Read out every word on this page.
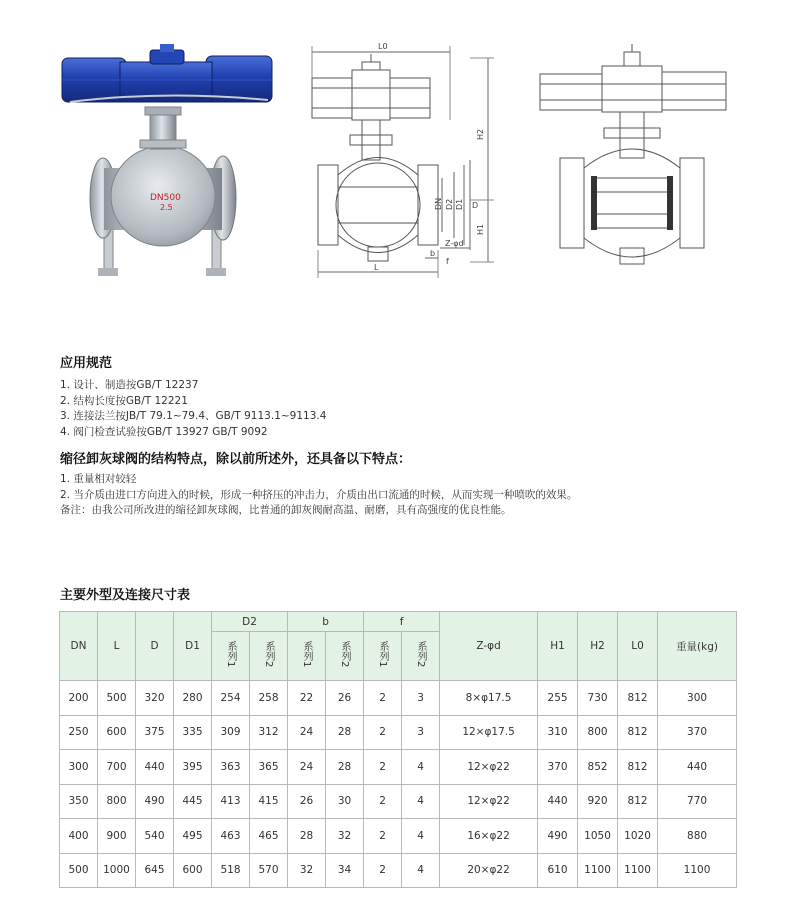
DN500
2.5
L0
H2
H1
DN D2 D1 D
Z-φd
b
f
L
应用规范
1. 设计、制造按GB/T 12237
2. 结构长度按GB/T 12221
3. 连接法兰按JB/T 79.1~79.4、GB/T 9113.1~9113.4
4. 阀门检查试验按GB/T 13927 GB/T 9092
缩径卸灰球阀的结构特点，除以前所述外，还具备以下特点：
1. 重量相对较轻
2. 当介质由进口方向进入的时候，形成一种挤压的冲击力，介质由出口流通的时候，从而实现一种喷吹的效果。
备注：由我公司所改进的缩径卸灰球阀，比普通的卸灰阀耐高温、耐磨，具有高强度的优良性能。
主要外型及连接尺寸表
DN	L	D	D1	D2		b		f		Z-φd	H1	H2	L0	重量(kg)
				系列1	系列2	系列1	系列2	系列1	系列2					
200	500	320	280	254	258	22	26	2	3	8×φ17.5	255	730	812	300
250	600	375	335	309	312	24	28	2	3	12×φ17.5	310	800	812	370
300	700	440	395	363	365	24	28	2	4	12×φ22	370	852	812	440
350	800	490	445	413	415	26	30	2	4	12×φ22	440	920	812	770
400	900	540	495	463	465	28	32	2	4	16×φ22	490	1050	1020	880
500	1000	645	600	518	570	32	34	2	4	20×φ22	610	1100	1100	1100
